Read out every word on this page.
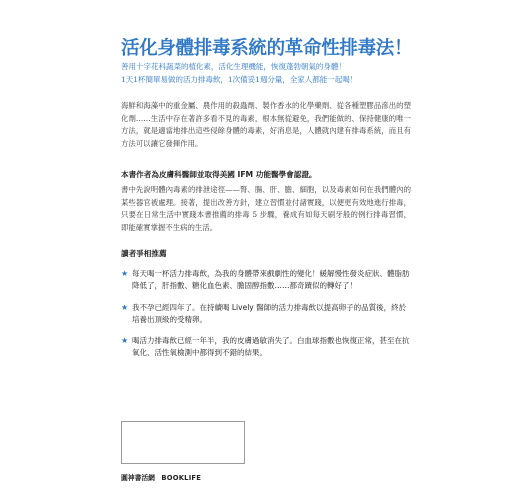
活化身體排毒系統的革命性排毒法！
善用十字花科蔬菜的植化素，活化生理機能，恢復蓬勃朝氣的身體！
1天1杯簡單易做的活力排毒飲，1次備妥1週分量，全家人都能一起喝！

海鮮和海藻中的重金屬、農作用的殺蟲劑、製作香水的化學藥劑、從各種塑膠品滲出的塑化劑……生活中存在著許多看不見的毒素，根本無從避免，我們能做的、保持健康的唯一方法，就是適當地排出這些侵餘身體的毒素，好消息是，人體就內建有排毒系統，而且有方法可以讓它發揮作用。

本書作者為皮膚科醫師並取得美國 IFM 功能醫學會認證。

書中先說明體內毒素的排泄途徑——腎、腸、肝、膽、細胞，以及毒素如何在我們體內的某些器官被處理。接著，提出改善方針，建立習慣並付諸實踐，以便更有效地進行排毒，只要在日常生活中實踐本書推薦的排毒 5 步驟，養成有如每天刷牙般的例行排毒習慣，即能確實掌握不生病的生活。

讀者爭相推薦
★ 每天喝一杯活力排毒飲，為我的身體帶來戲劇性的變化！緩解慢性發炎症狀、體脂肪降低了，肝指數、糖化血色素、膽固醇指數……都奇蹟似的轉好了！
★ 我不孕已經四年了。在持續喝 Lively 醫師的活力排毒飲以提高卵子的品質後，終於培養出頂級的受精卵。
★ 喝活力排毒飲已經一年半，我的皮膚過敏消失了。白血球指數也恢復正常，甚至在抗氧化、活性氧檢測中都得到不錯的結果。
圓神書活網 BOOKLIFE
